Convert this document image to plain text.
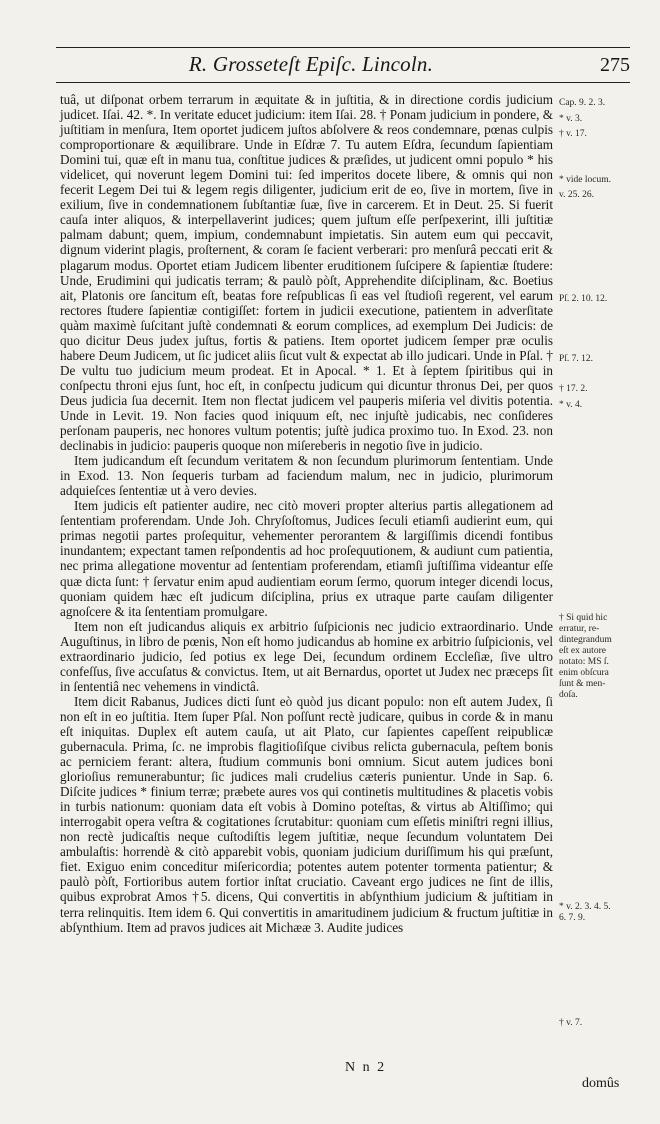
R. Grosseteſt Epiſc. Lincoln.	275

tuâ, ut diſponat orbem terrarum in æquitate & in juſtitia, & in directione cordis judicium judicet. Iſai. 42. *. In veritate educet judicium: item Iſai. 28. † Ponam judicium in pondere, & juſtitiam in menſura, Item oportet judicem juſtos abſolvere & reos condemnare, pœnas culpis comproportionare & æquilibrare. Unde in Eſdræ 7. Tu autem Eſdra, ſecundum ſapientiam Domini tui, quæ eſt in manu tua, conſtitue judices & præſides, ut judicent omni populo * his videlicet, qui noverunt legem Domini tui: ſed imperitos docete libere, & omnis qui non fecerit Legem Dei tui & legem regis diligenter, judicium erit de eo, ſive in mortem, ſive in exilium, ſive in condemnationem ſubſtantiæ ſuæ, ſive in carcerem. Et in Deut. 25. Si fuerit cauſa inter aliquos, & interpellaverint judices; quem juſtum eſſe perſpexerint, illi juſtitiæ palmam dabunt; quem, impium, condemnabunt impietatis. Sin autem eum qui peccavit, dignum viderint plagis, proſternent, & coram ſe facient verberari: pro menſurâ peccati erit & plagarum modus. Oportet etiam Judicem libenter eruditionem ſuſcipere & ſapientiæ ſtudere: Unde, Erudimini qui judicatis terram; & paulò pòſt, Apprehendite diſciplinam, &c. Boetius ait, Platonis ore ſancitum eſt, beatas fore reſpublicas ſi eas vel ſtudioſi regerent, vel earum rectores ſtudere ſapientiæ contigiſſet: fortem in judicii executione, patientem in adverſitate quàm maximè ſuſcitant juſtè condemnati & eorum complices, ad exemplum Dei Judicis: de quo dicitur Deus judex juſtus, fortis & patiens. Item oportet judicem ſemper præ oculis habere Deum Judicem, ut ſic judicet aliis ſicut vult & expectat ab illo judicari. Unde in Pſal. † De vultu tuo judicium meum prodeat. Et in Apocal. * 1. Et à ſeptem ſpiritibus qui in conſpectu throni ejus ſunt, hoc eſt, in conſpectu judicum qui dicuntur thronus Dei, per quos Deus judicia ſua decernit. Item non flectat judicem vel pauperis miſeria vel divitis potentia. Unde in Levit. 19. Non facies quod iniquum eſt, nec injuſtè judicabis, nec conſideres perſonam pauperis, nec honores vultum potentis; juſtè judica proximo tuo. In Exod. 23. non declinabis in judicio: pauperis quoque non miſereberis in negotio ſive in judicio.

Item judicandum eſt ſecundum veritatem & non ſecundum plurimorum ſententiam. Unde in Exod. 13. Non ſequeris turbam ad faciendum malum, nec in judicio, plurimorum adquieſces ſententiæ ut à vero devies.

Item judicis eſt patienter audire, nec citò moveri propter alterius partis allegationem ad ſententiam proferendam. Unde Joh. Chryſoſtomus, Judices ſeculi etiamſi audierint eum, qui primas negotii partes proſequitur, vehementer perorantem & largiſſimis dicendi fontibus inundantem; expectant tamen reſpondentis ad hoc proſequutionem, & audiunt cum patientia, nec prima allegatione moventur ad ſententiam proferendam, etiamſi juſtiſſima videantur eſſe quæ dicta ſunt: † ſervatur enim apud audientiam eorum ſermo, quorum integer dicendi locus, quoniam quidem hæc eſt judicum diſciplina, prius ex utraque parte cauſam diligenter agnoſcere & ita ſententiam promulgare.

Item non eſt judicandus aliquis ex arbitrio ſuſpicionis nec judicio extraordinario. Unde Auguſtinus, in libro de pœnis, Non eſt homo judicandus ab homine ex arbitrio ſuſpicionis, vel extraordinario judicio, ſed potius ex lege Dei, ſecundum ordinem Eccleſiæ, ſive ultro confeſſus, ſive accuſatus & convictus. Item, ut ait Bernardus, oportet ut Judex nec præceps ſit in ſententiâ nec vehemens in vindictâ.

Item dicit Rabanus, Judices dicti ſunt eò quòd jus dicant populo: non eſt autem Judex, ſi non eſt in eo juſtitia. Item ſuper Pſal. Non poſſunt rectè judicare, quibus in corde & in manu eſt iniquitas. Duplex eſt autem cauſa, ut ait Plato, cur ſapientes capeſſent reipublicæ gubernacula. Prima, ſc. ne improbis flagitioſiſque civibus relicta gubernacula, peſtem bonis ac perniciem ferant: altera, ſtudium communis boni omnium. Sicut autem judices boni glorioſius remunerabuntur; ſic judices mali crudelius cæteris punientur. Unde in Sap. 6. Diſcite judices * finium terræ; præbete aures vos qui continetis multitudines & placetis vobis in turbis nationum: quoniam data eſt vobis à Domino poteſtas, & virtus ab Altiſſimo; qui interrogabit opera veſtra & cogitationes ſcrutabitur: quoniam cum eſſetis miniſtri regni illius, non rectè judicaſtis neque cuſtodiſtis legem juſtitiæ, neque ſecundum voluntatem Dei ambulaſtis: horrendè & citò apparebit vobis, quoniam judicium duriſſimum his qui præſunt, fiet. Exiguo enim conceditur miſericordia; potentes autem potenter tormenta patientur; & paulò pòſt, Fortioribus autem fortior inſtat cruciatio. Caveant ergo judices ne ſint de illis, quibus exprobrat Amos †5. dicens, Qui convertitis in abſynthium judicium & juſtitiam in terra relinquitis. Item idem 6. Qui convertitis in amaritudinem judicium & fructum juſtitiæ in abſynthium. Item ad pravos judices ait Michææ 3. Audite judices

Cap. 9. 2. 3.
* v. 3.
† v. 17.
* vide locum.
v. 25. 26.
Pſ. 2. 10. 12.
Pſ. 7. 12.
† 17. 2.
* v. 4.
† Si quid hic
erratur, re-
dintegrandum
eſt ex autore
notato: MS ſ.
enim obſcura
ſunt & men-
doſa.
* v. 2. 3. 4. 5.
6. 7. 9.
† v. 7.
N n 2
domûs
